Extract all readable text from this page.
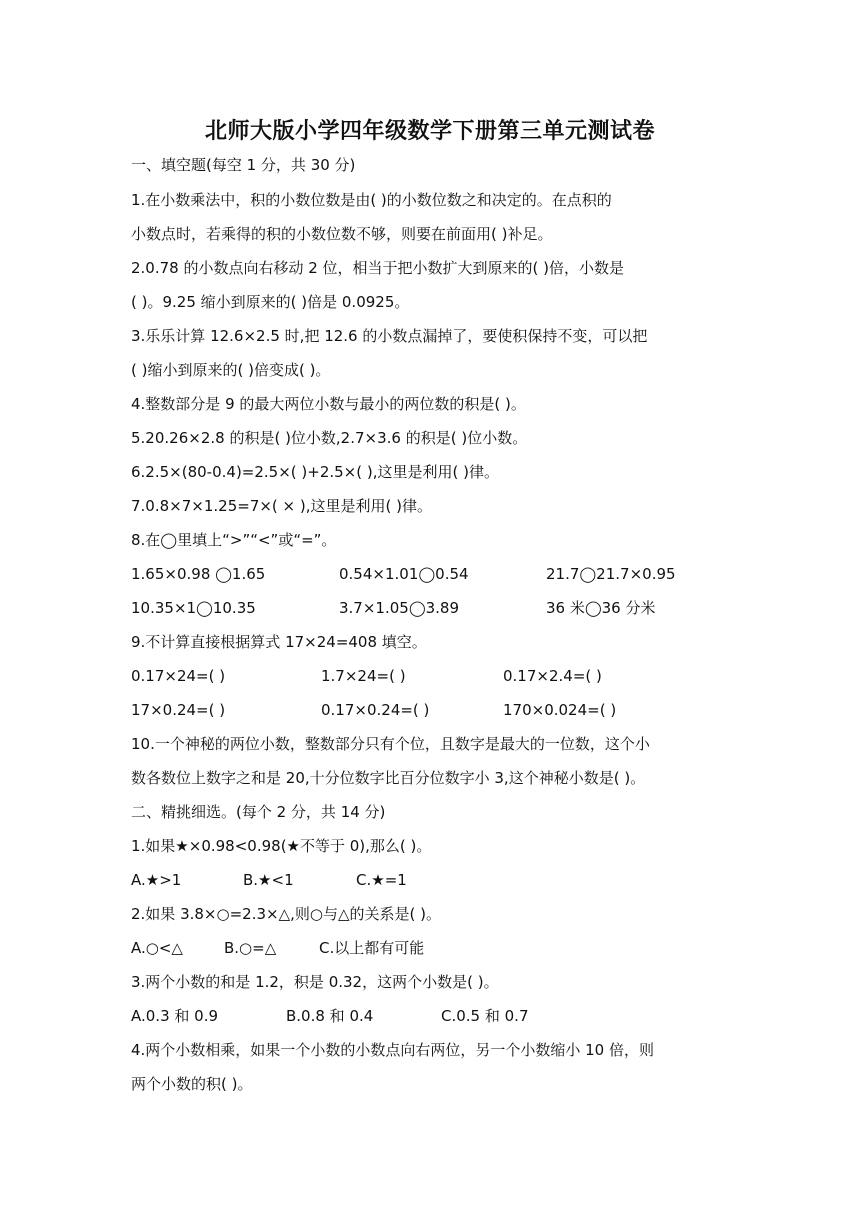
北师大版小学四年级数学下册第三单元测试卷
一、填空题(每空 1 分，共 30 分)
1.在小数乘法中，积的小数位数是由( )的小数位数之和决定的。在点积的
小数点时，若乘得的积的小数位数不够，则要在前面用( )补足。
2.0.78 的小数点向右移动 2 位，相当于把小数扩大到原来的( )倍，小数是
( )。9.25 缩小到原来的( )倍是 0.0925。
3.乐乐计算 12.6×2.5 时,把 12.6 的小数点漏掉了，要使积保持不变，可以把
( )缩小到原来的( )倍变成( )。
4.整数部分是 9 的最大两位小数与最小的两位数的积是( )。
5.20.26×2.8 的积是( )位小数,2.7×3.6 的积是( )位小数。
6.2.5×(80-0.4)=2.5×( )+2.5×( ),这里是利用( )律。
7.0.8×7×1.25=7×( × ),这里是利用( )律。
8.在◯里填上“>”“<”或“=”。
1.65×0.98 ◯1.65	0.54×1.01◯0.54	21.7◯21.7×0.95
10.35×1◯10.35	3.7×1.05◯3.89	36 米◯36 分米
9.不计算直接根据算式 17×24=408 填空。
0.17×24=( )	1.7×24=( )	0.17×2.4=( )
17×0.24=( )	0.17×0.24=( )	170×0.024=( )
10.一个神秘的两位小数，整数部分只有个位，且数字是最大的一位数，这个小
数各数位上数字之和是 20,十分位数字比百分位数字小 3,这个神秘小数是( )。
二、精挑细选。(每个 2 分，共 14 分)
1.如果★×0.98<0.98(★不等于 0),那么( )。
A.★>1	B.★<1	C.★=1
2.如果 3.8×○=2.3×△,则○与△的关系是( )。
A.○<△	B.○=△	C.以上都有可能
3.两个小数的和是 1.2，积是 0.32，这两个小数是( )。
A.0.3 和 0.9	B.0.8 和 0.4	C.0.5 和 0.7
4.两个小数相乘，如果一个小数的小数点向右两位，另一个小数缩小 10 倍，则
两个小数的积( )。
